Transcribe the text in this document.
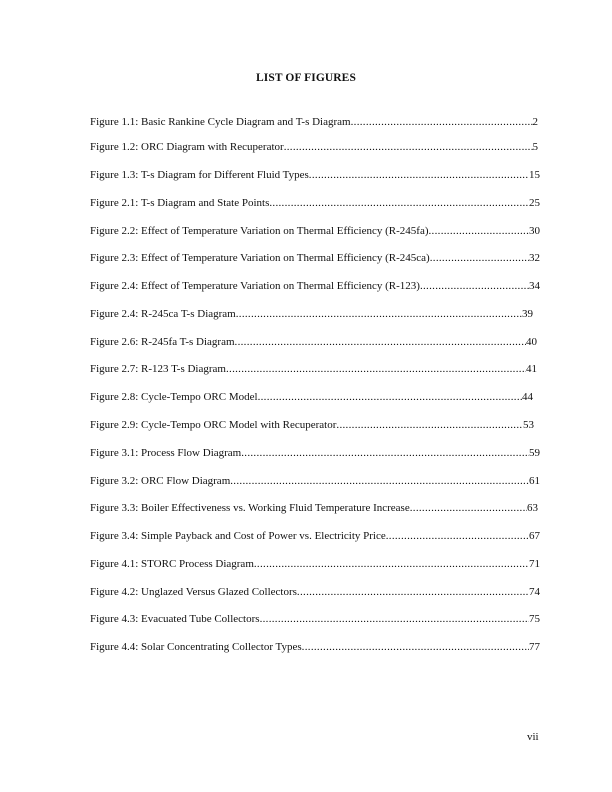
LIST OF FIGURES
Figure 1.1: Basic Rankine Cycle Diagram and T-s Diagram .....	2
Figure 1.2: ORC Diagram with Recuperator .....	5
Figure 1.3: T-s Diagram for Different Fluid Types .....	15
Figure 2.1: T-s Diagram and State Points .....	25
Figure 2.2: Effect of Temperature Variation on Thermal Efficiency (R-245fa) .....	30
Figure 2.3: Effect of Temperature Variation on Thermal Efficiency (R-245ca) .....	32
Figure 2.4: Effect of Temperature Variation on Thermal Efficiency (R-123) .....	34
Figure 2.4: R-245ca T-s Diagram .....	39
Figure 2.6: R-245fa T-s Diagram .....	40
Figure 2.7: R-123 T-s Diagram .....	41
Figure 2.8: Cycle-Tempo ORC Model .....	44
Figure 2.9: Cycle-Tempo ORC Model with Recuperator .....	53
Figure 3.1: Process Flow Diagram .....	59
Figure 3.2: ORC Flow Diagram .....	61
Figure 3.3: Boiler Effectiveness vs. Working Fluid Temperature Increase .....	63
Figure 3.4: Simple Payback and Cost of Power vs. Electricity Price .....	67
Figure 4.1: STORC Process Diagram .....	71
Figure 4.2: Unglazed Versus Glazed Collectors .....	74
Figure 4.3: Evacuated Tube Collectors .....	75
Figure 4.4: Solar Concentrating Collector Types .....	77
vii
